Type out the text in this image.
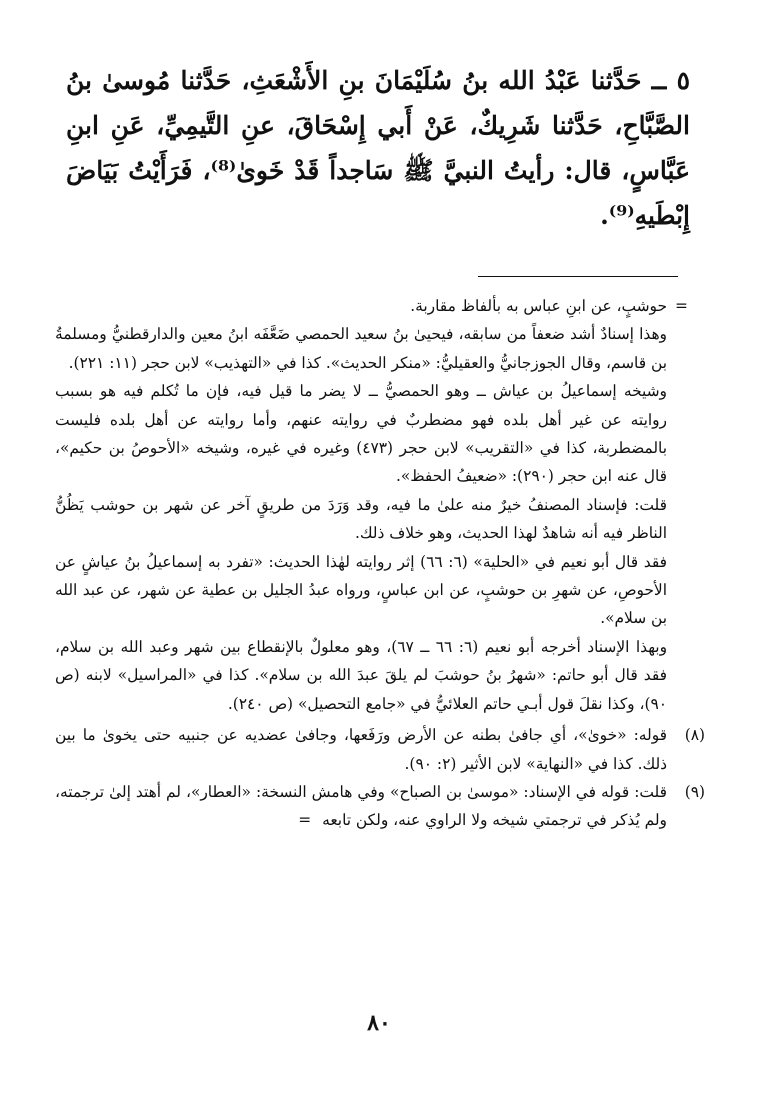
٥ ــ حَدَّثنا عَبْدُ الله بنُ سُلَيْمَانَ بنِ الأَشْعَثِ، حَدَّثنا مُوسىٰ بنُ الصَّبَّاحِ، حَدَّثنا شَرِيكٌ، عَنْ أَبي إِسْحَاقَ، عنِ التَّيمِيِّ، عَنِ ابنِ عَبَّاسٍ، قال: رأيتُ النبيَّ ﷺ سَاجداً قَدْ خَوىٰ⁽⁸⁾، فَرَأَيْتُ بَيَاضَ إِبْطَيهِ⁽⁹⁾.

=

حوشبٍ، عن ابنِ عباس به بألفاظ مقاربة.

وهذا إسنادٌ أشد ضعفاً من سابقه، فيحيىٰ بنُ سعيد الحمصي ضَعَّفَه ابنُ معين والدارقطنيُّ ومسلمةُ بن قاسم، وقال الجوزجانيُّ والعقيليُّ: «منكر الحديث». كذا في «التهذيب» لابن حجر (١١: ٢٢١).

وشيخه إسماعيلُ بن عياش ــ وهو الحمصيُّ ــ لا يضر ما قيل فيه، فإن ما تُكلم فيه هو بسبب روايته عن غير أهل بلده فهو مضطربٌ في روايته عنهم، وأما روايته عن أهل بلده فليست بالمضطربة، كذا في «التقريب» لابن حجر (٤٧٣) وغيره في غيره، وشيخه «الأحوصُ بن حكيم»، قال عنه ابن حجر (٢٩٠): «ضعيفُ الحفظ».

قلت: فإسناد المصنفُ خيرٌ منه علىٰ ما فيه، وقد وَرَدَ من طريقٍ آخر عن شهر بن حوشب يَظُنُّ الناظر فيه أنه شاهدٌ لهذا الحديث، وهو خلاف ذلك.

فقد قال أبو نعيم في «الحلية» (٦: ٦٦) إثر روايته لهٰذا الحديث: «تفرد به إسماعيلُ بنُ عياشٍ عن الأحوصِ، عن شهرِ بن حوشبٍ، عن ابن عباسٍ، ورواه عبدُ الجليل بن عطية عن شهر، عن عبد الله بن سلام».

وبهذا الإسناد أخرجه أبو نعيم (٦: ٦٦ ــ ٦٧)، وهو معلولٌ بالإنقطاع بين شهر وعبد الله بن سلام، فقد قال أبو حاتم: «شهرُ بنُ حوشبَ لم يلقَ عبدَ الله بن سلام». كذا في «المراسيل» لابنه (ص ٩٠)، وكذا نقلَ قول أبـي حاتم العلائيُّ في «جامع التحصيل» (ص ٢٤٠).

(٨)
قوله: «خوىٰ»، أي جافىٰ بطنه عن الأرض ورَفَعها، وجافىٰ عضديه عن جنبيه حتى يخوىٰ ما بين ذلك. كذا في «النهاية» لابن الأثير (٢: ٩٠).
(٩)
قلت: قوله في الإسناد: «موسىٰ بن الصباح» وفي هامش النسخة: «العطار»، لم أهتد إلىٰ ترجمته، ولم يُذكر في ترجمتي شيخه ولا الراوي عنه، ولكن تابعه =
٨٠
